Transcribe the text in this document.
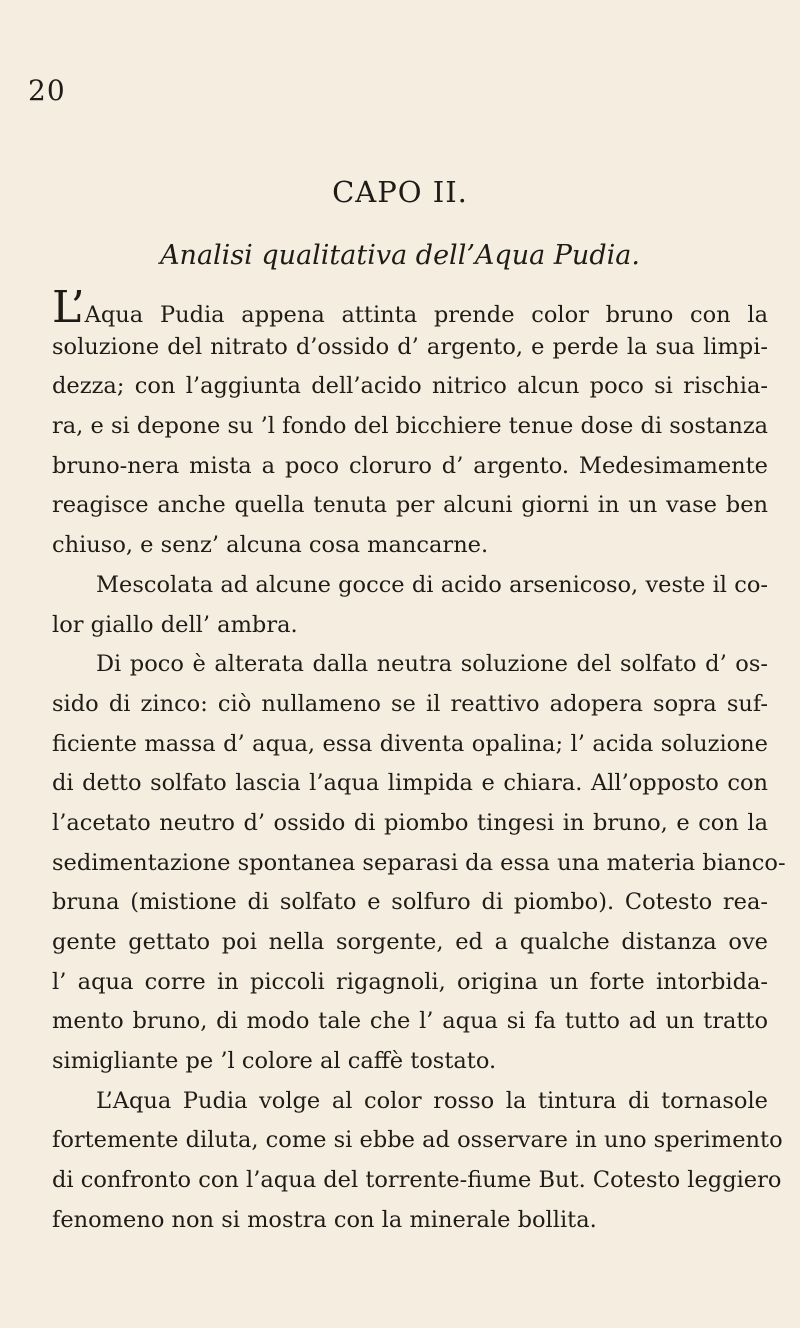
20
CAPO II.
Analisi qualitativa dell’Aqua Pudia.
L’Aqua Pudia appena attinta prende color bruno con la
soluzione del nitrato d’ossido d’ argento, e perde la sua limpi-
dezza; con l’aggiunta dell’acido nitrico alcun poco si rischia-
ra, e si depone su ’l fondo del bicchiere tenue dose di sostanza
bruno-nera mista a poco cloruro d’ argento. Medesimamente
reagisce anche quella tenuta per alcuni giorni in un vase ben
chiuso, e senz’ alcuna cosa mancarne.
Mescolata ad alcune gocce di acido arsenicoso, veste il co-
lor giallo dell’ ambra.
Di poco è alterata dalla neutra soluzione del solfato d’ os-
sido di zinco: ciò nullameno se il reattivo adopera sopra suf-
ficiente massa d’ aqua, essa diventa opalina; l’ acida soluzione
di detto solfato lascia l’aqua limpida e chiara. All’opposto con
l’acetato neutro d’ ossido di piombo tingesi in bruno, e con la
sedimentazione spontanea separasi da essa una materia bianco-
bruna (mistione di solfato e solfuro di piombo). Cotesto rea-
gente gettato poi nella sorgente, ed a qualche distanza ove
l’ aqua corre in piccoli rigagnoli, origina un forte intorbida-
mento bruno, di modo tale che l’ aqua si fa tutto ad un tratto
simigliante pe ’l colore al caffè tostato.
L’Aqua Pudia volge al color rosso la tintura di tornasole
fortemente diluta, come si ebbe ad osservare in uno sperimento
di confronto con l’aqua del torrente-fiume But. Cotesto leggiero
fenomeno non si mostra con la minerale bollita.
